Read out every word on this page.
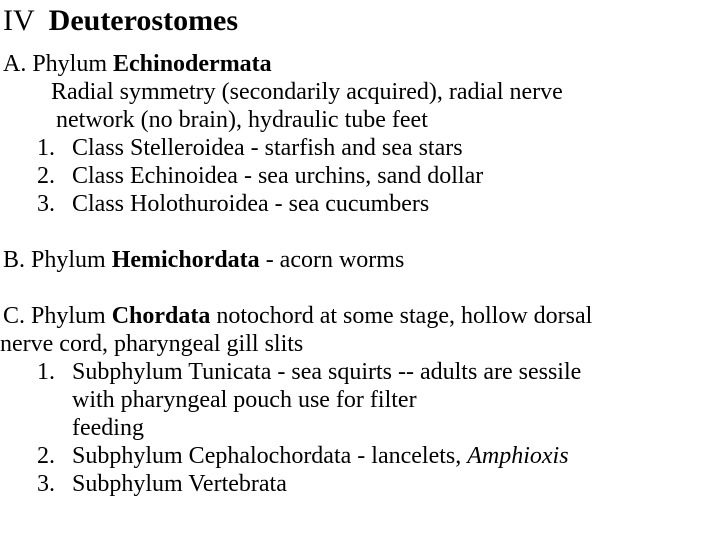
IV Deuterostomes
A. Phylum Echinodermata
Radial symmetry (secondarily acquired), radial nerve
network (no brain), hydraulic tube feet
1. Class Stelleroidea - starfish and sea stars
2. Class Echinoidea - sea urchins, sand dollar
3. Class Holothuroidea - sea cucumbers
B. Phylum Hemichordata - acorn worms
C. Phylum Chordata notochord at some stage, hollow dorsal
nerve cord, pharyngeal gill slits
1. Subphylum Tunicata - sea squirts -- adults are sessile
with pharyngeal pouch use for filter
feeding
2. Subphylum Cephalochordata - lancelets, Amphioxis
3. Subphylum Vertebrata
